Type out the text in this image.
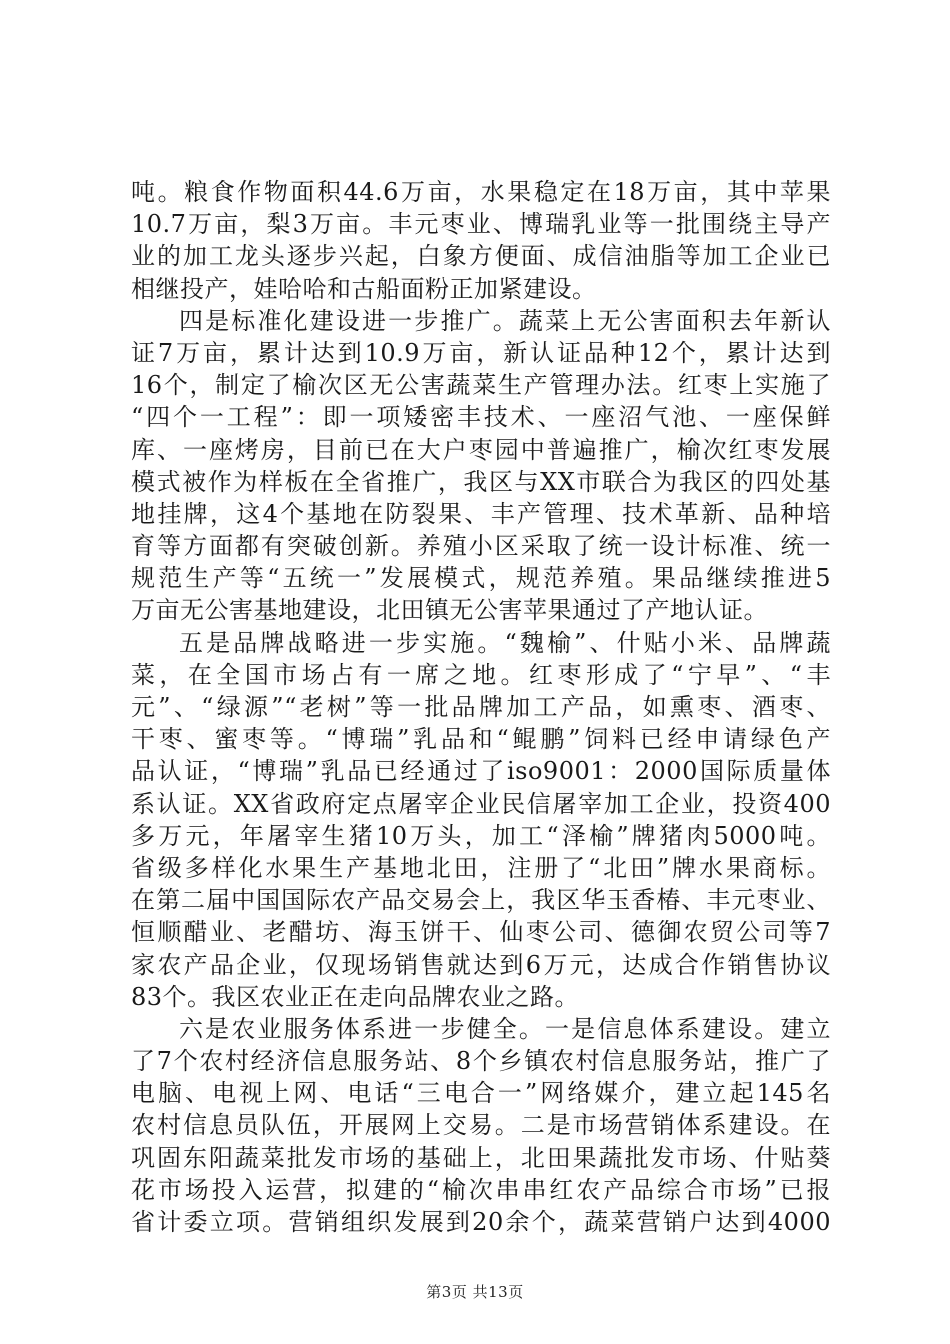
吨。粮食作物面积44.6万亩，水果稳定在18万亩，其中苹果
10.7万亩，梨3万亩。丰元枣业、博瑞乳业等一批围绕主导产
业的加工龙头逐步兴起，白象方便面、成信油脂等加工企业已
相继投产，娃哈哈和古船面粉正加紧建设。
四是标准化建设进一步推广。蔬菜上无公害面积去年新认
证7万亩，累计达到10.9万亩，新认证品种12个，累计达到
16个，制定了榆次区无公害蔬菜生产管理办法。红枣上实施了
“四个一工程”：即一项矮密丰技术、一座沼气池、一座保鲜
库、一座烤房，目前已在大户枣园中普遍推广，榆次红枣发展
模式被作为样板在全省推广，我区与XX市联合为我区的四处基
地挂牌，这4个基地在防裂果、丰产管理、技术革新、品种培
育等方面都有突破创新。养殖小区采取了统一设计标准、统一
规范生产等“五统一”发展模式，规范养殖。果品继续推进5
万亩无公害基地建设，北田镇无公害苹果通过了产地认证。
五是品牌战略进一步实施。“魏榆”、什贴小米、品牌蔬
菜，在全国市场占有一席之地。红枣形成了“宁早”、“丰
元”、“绿源”“老树”等一批品牌加工产品，如熏枣、酒枣、
干枣、蜜枣等。“博瑞”乳品和“鲲鹏”饲料已经申请绿色产
品认证，“博瑞”乳品已经通过了iso9001：2000国际质量体
系认证。XX省政府定点屠宰企业民信屠宰加工企业，投资400
多万元，年屠宰生猪10万头，加工“泽榆”牌猪肉5000吨。
省级多样化水果生产基地北田，注册了“北田”牌水果商标。
在第二届中国国际农产品交易会上，我区华玉香椿、丰元枣业、
恒顺醋业、老醋坊、海玉饼干、仙枣公司、德御农贸公司等7
家农产品企业，仅现场销售就达到6万元，达成合作销售协议
83个。我区农业正在走向品牌农业之路。
六是农业服务体系进一步健全。一是信息体系建设。建立
了7个农村经济信息服务站、8个乡镇农村信息服务站，推广了
电脑、电视上网、电话“三电合一”网络媒介，建立起145名
农村信息员队伍，开展网上交易。二是市场营销体系建设。在
巩固东阳蔬菜批发市场的基础上，北田果蔬批发市场、什贴葵
花市场投入运营，拟建的“榆次串串红农产品综合市场”已报
省计委立项。营销组织发展到20余个，蔬菜营销户达到4000
第3页 共13页
